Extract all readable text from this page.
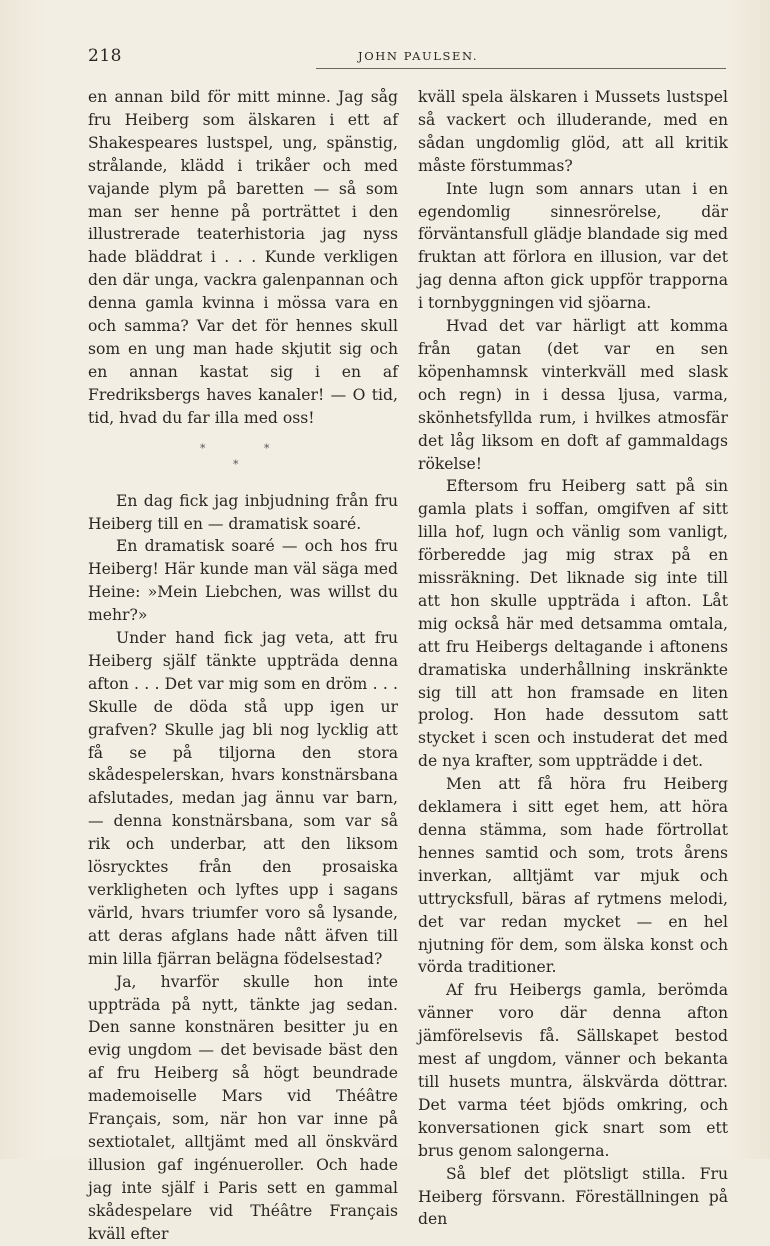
218	JOHN PAULSEN.

en annan bild för mitt minne. Jag såg fru Heiberg som älskaren i ett af Shakespeares lustspel, ung, spänstig, strålande, klädd i trikåer och med vajande plym på baretten — så som man ser henne på porträttet i den illustrerade teaterhistoria jag nyss hade bläddrat i . . . Kunde verkligen den där unga, vackra galenpannan och denna gamla kvinna i mössa vara en och samma? Var det för hennes skull som en ung man hade skjutit sig och en annan kastat sig i en af Fredriksbergs haves kanaler! — O tid, tid, hvad du far illa med oss!

*	*
*

En dag fick jag inbjudning från fru Heiberg till en — dramatisk soaré.

En dramatisk soaré — och hos fru Heiberg! Här kunde man väl säga med Heine: »Mein Liebchen, was willst du mehr?»

Under hand fick jag veta, att fru Heiberg själf tänkte uppträda denna afton . . . Det var mig som en dröm . . . Skulle de döda stå upp igen ur grafven? Skulle jag bli nog lycklig att få se på tiljorna den stora skådespelerskan, hvars konstnärsbana afslutades, medan jag ännu var barn, — denna konstnärsbana, som var så rik och underbar, att den liksom lösrycktes från den prosaiska verkligheten och lyftes upp i sagans värld, hvars triumfer voro så lysande, att deras afglans hade nått äfven till min lilla fjärran belägna födelsestad?

Ja, hvarför skulle hon inte uppträda på nytt, tänkte jag sedan. Den sanne konstnären besitter ju en evig ungdom — det bevisade bäst den af fru Heiberg så högt beundrade mademoiselle Mars vid Théâtre Français, som, när hon var inne på sextiotalet, alltjämt med all önskvärd illusion gaf ingénueroller. Och hade jag inte själf i Paris sett en gammal skådespelare vid Théâtre Français kväll efter

kväll spela älskaren i Mussets lustspel så vackert och illuderande, med en sådan ungdomlig glöd, att all kritik måste förstummas?

Inte lugn som annars utan i en egendomlig sinnesrörelse, där förväntansfull glädje blandade sig med fruktan att förlora en illusion, var det jag denna afton gick uppför trapporna i tornbyggningen vid sjöarna.

Hvad det var härligt att komma från gatan (det var en sen köpenhamnsk vinterkväll med slask och regn) in i dessa ljusa, varma, skönhetsfyllda rum, i hvilkes atmosfär det låg liksom en doft af gammaldags rökelse!

Eftersom fru Heiberg satt på sin gamla plats i soffan, omgifven af sitt lilla hof, lugn och vänlig som vanligt, förberedde jag mig strax på en missräkning. Det liknade sig inte till att hon skulle uppträda i afton. Låt mig också här med detsamma omtala, att fru Heibergs deltagande i aftonens dramatiska underhållning inskränkte sig till att hon framsade en liten prolog. Hon hade dessutom satt stycket i scen och instuderat det med de nya krafter, som uppträdde i det.

Men att få höra fru Heiberg deklamera i sitt eget hem, att höra denna stämma, som hade förtrollat hennes samtid och som, trots årens inverkan, alltjämt var mjuk och uttrycksfull, bäras af rytmens melodi, det var redan mycket — en hel njutning för dem, som älska konst och vörda traditioner.

Af fru Heibergs gamla, berömda vänner voro där denna afton jämförelsevis få. Sällskapet bestod mest af ungdom, vänner och bekanta till husets muntra, älskvärda döttrar. Det varma téet bjöds omkring, och konversationen gick snart som ett brus genom salongerna.

Så blef det plötsligt stilla. Fru Heiberg försvann. Föreställningen på den
